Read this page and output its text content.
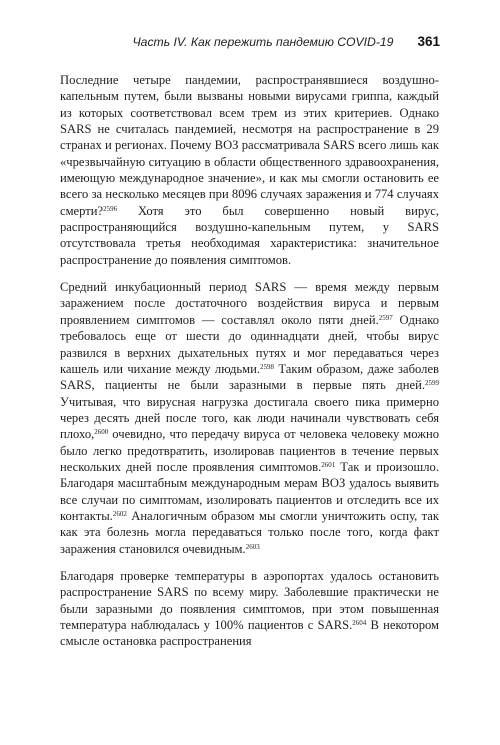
Часть IV. Как пережить пандемию COVID-19 361

Последние четыре пандемии, распространявшиеся воздушно-капельным путем, были вызваны новыми вирусами гриппа, каждый из которых соответствовал всем трем из этих критериев. Однако SARS не считалась пандемией, несмотря на распространение в 29 странах и регионах. Почему ВОЗ рассматривала SARS всего лишь как «чрезвычайную ситуацию в области общественного здравоохранения, имеющую международное значение», и как мы смогли остановить ее всего за несколько месяцев при 8096 случаях заражения и 774 случаях смерти?$^{2596}$ Хотя это был совершенно новый вирус, распространяющийся воздушно-капельным путем, у SARS отсутствовала третья необходимая характеристика: значительное распространение до появления симптомов.

Средний инкубационный период SARS — время между первым заражением после достаточного воздействия вируса и первым проявлением симптомов — составлял около пяти дней.$^{2597}$ Однако требовалось еще от шести до одиннадцати дней, чтобы вирус развился в верхних дыхательных путях и мог передаваться через кашель или чихание между людьми.$^{2598}$ Таким образом, даже заболев SARS, пациенты не были заразными в первые пять дней.$^{2599}$ Учитывая, что вирусная нагрузка достигала своего пика примерно через десять дней после того, как люди начинали чувствовать себя плохо,$^{2600}$ очевидно, что передачу вируса от человека человеку можно было легко предотвратить, изолировав пациентов в течение первых нескольких дней после проявления симптомов.$^{2601}$ Так и произошло. Благодаря масштабным международным мерам ВОЗ удалось выявить все случаи по симптомам, изолировать пациентов и отследить все их контакты.$^{2602}$ Аналогичным образом мы смогли уничтожить оспу, так как эта болезнь могла передаваться только после того, когда факт заражения становился очевидным.$^{2603}$

Благодаря проверке температуры в аэропортах удалось остановить распространение SARS по всему миру. Заболевшие практически не были заразными до появления симптомов, при этом повышенная температура наблюдалась у 100% пациентов с SARS.$^{2604}$ В некотором смысле остановка распространения
